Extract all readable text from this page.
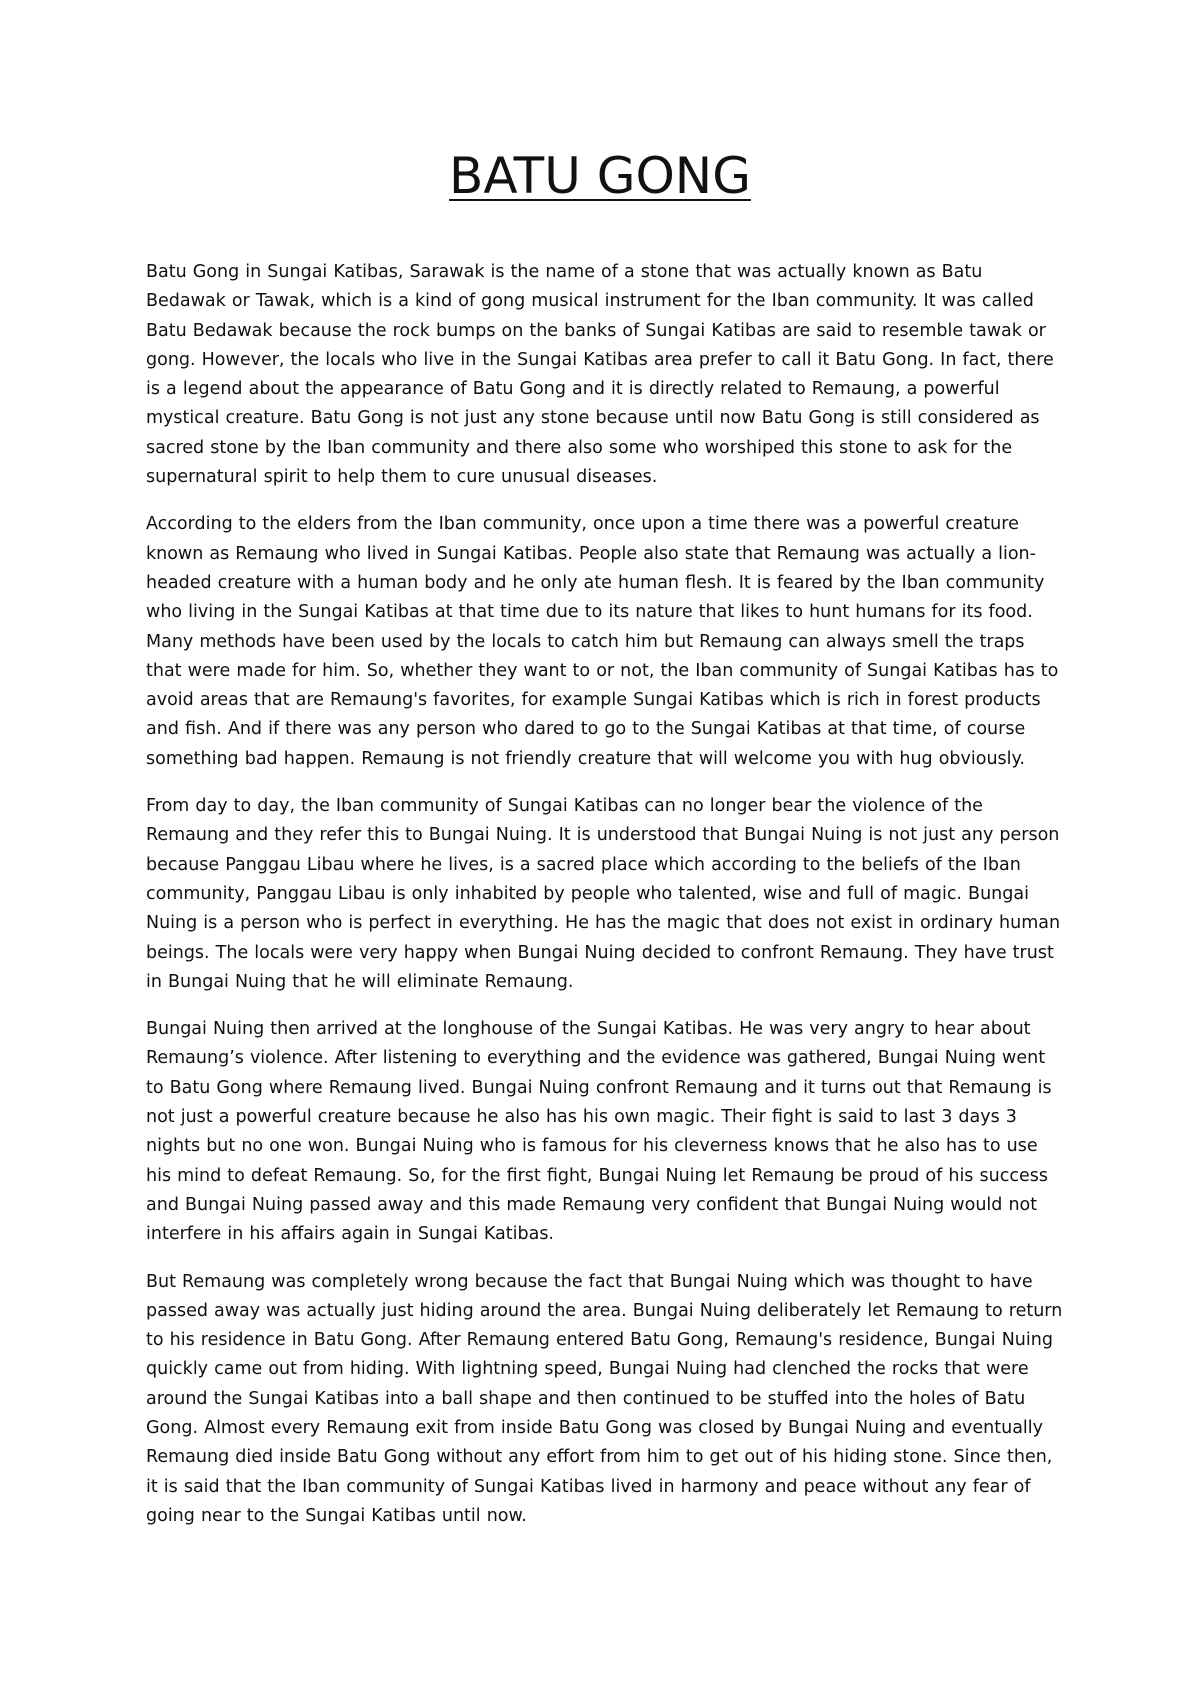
BATU GONG

Batu Gong in Sungai Katibas, Sarawak is the name of a stone that was actually known as Batu Bedawak or Tawak, which is a kind of gong musical instrument for the Iban community. It was called Batu Bedawak because the rock bumps on the banks of Sungai Katibas are said to resemble tawak or gong. However, the locals who live in the Sungai Katibas area prefer to call it Batu Gong. In fact, there is a legend about the appearance of Batu Gong and it is directly related to Remaung, a powerful mystical creature. Batu Gong is not just any stone because until now Batu Gong is still considered as sacred stone by the Iban community and there also some who worshiped this stone to ask for the supernatural spirit to help them to cure unusual diseases.

According to the elders from the Iban community, once upon a time there was a powerful creature known as Remaung who lived in Sungai Katibas. People also state that Remaung was actually a lion-headed creature with a human body and he only ate human flesh. It is feared by the Iban community who living in the Sungai Katibas at that time due to its nature that likes to hunt humans for its food. Many methods have been used by the locals to catch him but Remaung can always smell the traps that were made for him. So, whether they want to or not, the Iban community of Sungai Katibas has to avoid areas that are Remaung's favorites, for example Sungai Katibas which is rich in forest products and fish. And if there was any person who dared to go to the Sungai Katibas at that time, of course something bad happen. Remaung is not friendly creature that will welcome you with hug obviously.

From day to day, the Iban community of Sungai Katibas can no longer bear the violence of the Remaung and they refer this to Bungai Nuing. It is understood that Bungai Nuing is not just any person because Panggau Libau where he lives, is a sacred place which according to the beliefs of the Iban community, Panggau Libau is only inhabited by people who talented, wise and full of magic. Bungai Nuing is a person who is perfect in everything. He has the magic that does not exist in ordinary human beings. The locals were very happy when Bungai Nuing decided to confront Remaung. They have trust in Bungai Nuing that he will eliminate Remaung.

Bungai Nuing then arrived at the longhouse of the Sungai Katibas. He was very angry to hear about Remaung’s violence. After listening to everything and the evidence was gathered, Bungai Nuing went to Batu Gong where Remaung lived. Bungai Nuing confront Remaung and it turns out that Remaung is not just a powerful creature because he also has his own magic. Their fight is said to last 3 days 3 nights but no one won. Bungai Nuing who is famous for his cleverness knows that he also has to use his mind to defeat Remaung. So, for the first fight, Bungai Nuing let Remaung be proud of his success and Bungai Nuing passed away and this made Remaung very confident that Bungai Nuing would not interfere in his affairs again in Sungai Katibas.

But Remaung was completely wrong because the fact that Bungai Nuing which was thought to have passed away was actually just hiding around the area. Bungai Nuing deliberately let Remaung to return to his residence in Batu Gong. After Remaung entered Batu Gong, Remaung's residence, Bungai Nuing quickly came out from hiding. With lightning speed, Bungai Nuing had clenched the rocks that were around the Sungai Katibas into a ball shape and then continued to be stuffed into the holes of Batu Gong. Almost every Remaung exit from inside Batu Gong was closed by Bungai Nuing and eventually Remaung died inside Batu Gong without any effort from him to get out of his hiding stone. Since then, it is said that the Iban community of Sungai Katibas lived in harmony and peace without any fear of going near to the Sungai Katibas until now.
